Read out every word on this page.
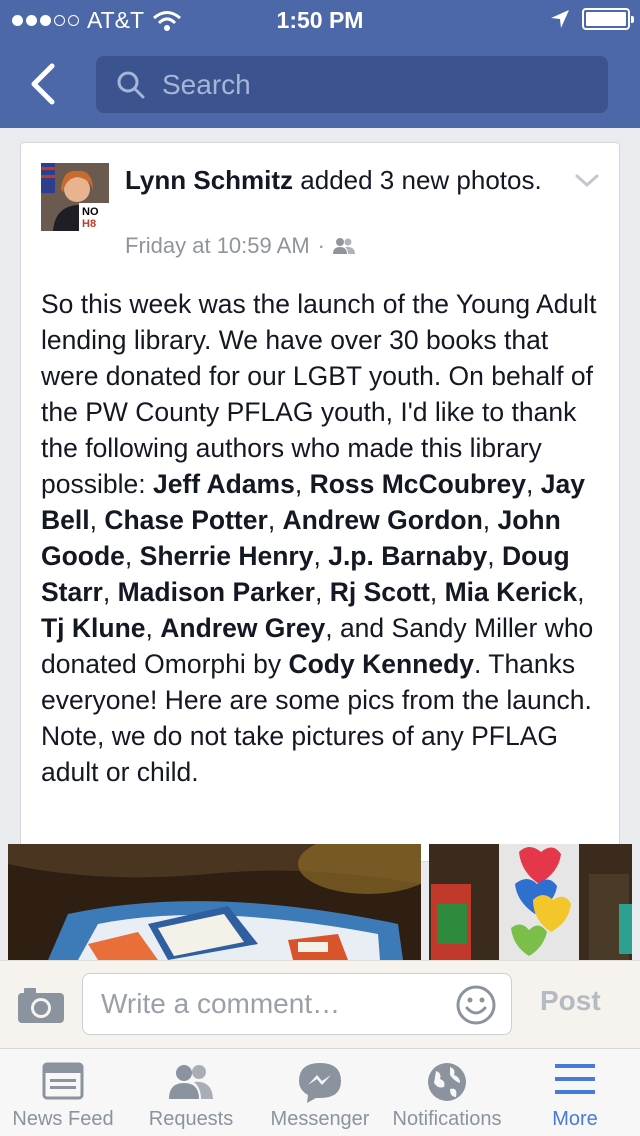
AT&T	1:50 PM
Search
NO
H8
Lynn Schmitz added 3 new photos.
Friday at 10:59 AM ·
So this week was the launch of the Young Adult lending library. We have over 30 books that were donated for our LGBT youth. On behalf of the PW County PFLAG youth, I'd like to thank the following authors who made this library possible: Jeff Adams, Ross McCoubrey, Jay Bell, Chase Potter, Andrew Gordon, John Goode, Sherrie Henry, J.p. Barnaby, Doug Starr, Madison Parker, Rj Scott, Mia Kerick, Tj Klune, Andrew Grey, and Sandy Miller who donated Omorphi by Cody Kennedy. Thanks everyone! Here are some pics from the launch. Note, we do not take pictures of any PFLAG adult or child.
Write a comment…	Post
News Feed	Requests	Messenger	Notifications	More
